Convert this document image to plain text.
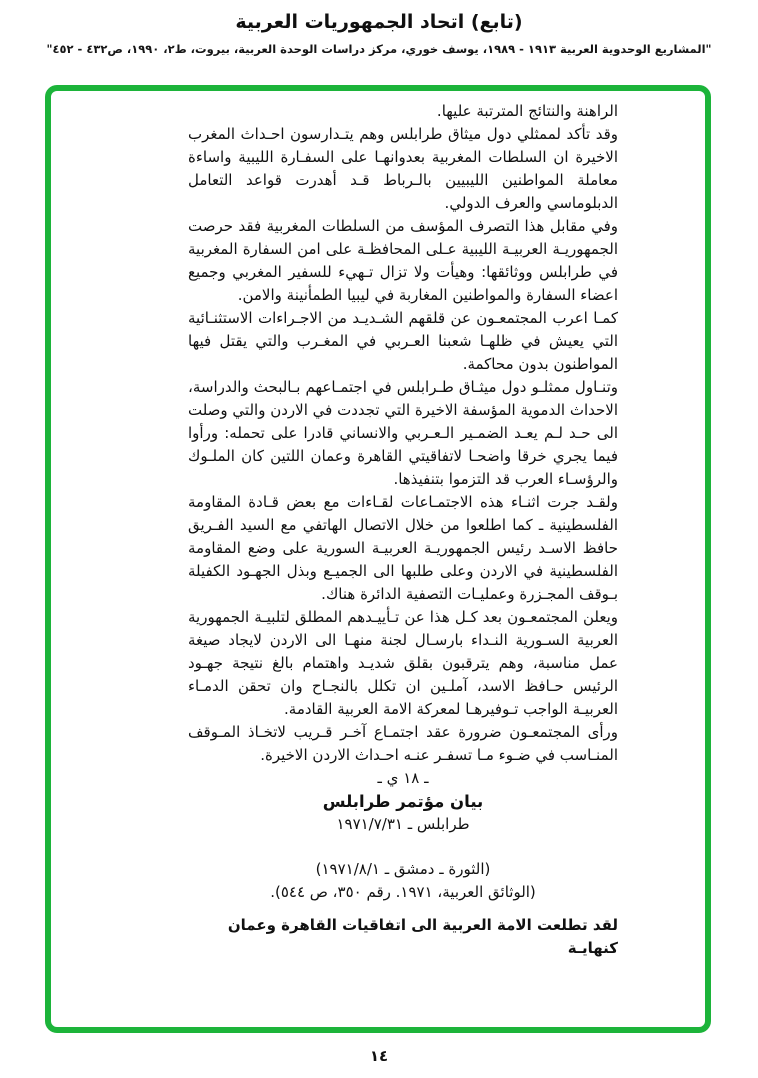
(تابع) اتحاد الجمهوريات العربية
"المشاريع الوحدوية العربية ١٩١٣ - ١٩٨٩، يوسف خوري، مركز دراسات الوحدة العربية، بيروت، ط٢، ١٩٩٠، ص٤٣٢ - ٤٥٢"

الراهنة والنتائج المترتبة عليها.

وقد تأكد لممثلي دول ميثاق طرابلس وهم يتـدارسون احـداث المغرب الاخيرة ان السلطات المغربية بعدوانهـا على السفـارة الليبية واساءة معاملة المواطنين الليبيين بالـرباط قـد أهدرت قواعد التعامل الدبلوماسي والعرف الدولي.

وفي مقابل هذا التصرف المؤسف من السلطات المغربية فقد حرصت الجمهوريـة العربيـة الليبية عـلى المحافظـة على امن السفارة المغربية في طرابلس ووثائقها: وهيأت ولا تزال تـهيء للسفير المغربي وجميع اعضاء السفارة والمواطنين المغاربة في ليبيا الطمأنينة والامن.

كمـا اعرب المجتمعـون عن قلقهم الشـديـد من الاجـراءات الاستثنـائية التي يعيش في ظلهـا شعبنا العـربي في المغـرب والتي يقتل فيها المواطنون بدون محاكمة.

وتنـاول ممثلـو دول ميثـاق طـرابلس في اجتمـاعهم بـالبحث والدراسة، الاحداث الدموية المؤسفة الاخيرة التي تجددت في الاردن والتي وصلت الى حـد لـم يعـد الضمـير الـعـربي والانساني قادرا على تحمله: ورأوا فيما يجري خرقا واضحـا لاتفاقيتي القاهرة وعمان اللتين كان الملـوك والرؤسـاء العرب قد التزموا بتنفيذها.

ولقـد جرت اثنـاء هذه الاجتمـاعات لقـاءات مع بعض قـادة المقاومة الفلسطينية ـ كما اطلعوا من خلال الاتصال الهاتفي مع السيد الفـريق حافظ الاسـد رئيس الجمهوريـة العربيـة السورية على وضع المقاومة الفلسطينية في الاردن وعلى طلبها الى الجميـع وبذل الجهـود الكفيلة بـوقف المجـزرة وعمليـات التصفية الدائرة هناك.

ويعلن المجتمعـون بعد كـل هذا عن تـأييـدهم المطلق لتلبيـة الجمهورية العربية السـورية النـداء بارسـال لجنة منهـا الى الاردن لايجاد صيغة عمل مناسبة، وهم يترقبون بقلق شديـد واهتمام بالغ نتيجة جهـود الرئيس حـافظ الاسد، آملـين ان تكلل بالنجـاح وان تحقن الدمـاء العربيـة الواجب تـوفيرهـا لمعركة الامة العربية القادمة.

ورأى المجتمعـون ضرورة عقد اجتمـاع آخـر قـريب لاتخـاذ المـوقف المنـاسب في ضـوء مـا تسفـر عنـه احـداث الاردن الاخيرة.

ـ ١٨ ي ـ
بيان مؤتمر طرابلس
طرابلس ـ ١٩٧١/٧/٣١
(الثورة ـ دمشق ـ ١٩٧١/٨/١)
(الوثائق العربية، ١٩٧١. رقم ٣٥٠، ص ٥٤٤).

لقد تطلعت الامة العربية الى اتفاقيات القاهرة وعمان كنهايـة

١٤
